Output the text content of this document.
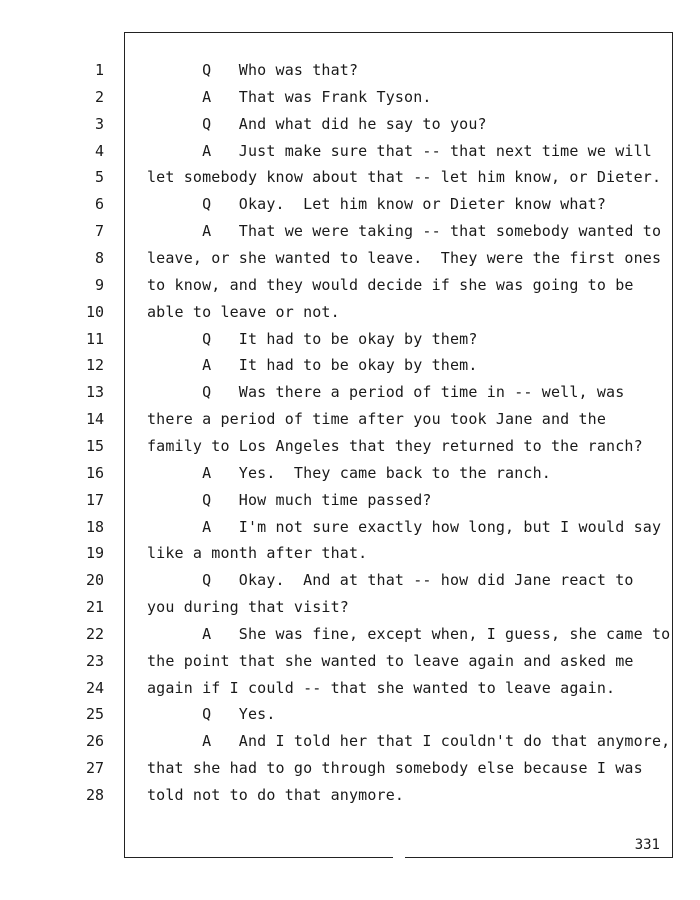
1	Q   Who was that?
2	A   That was Frank Tyson.
3	Q   And what did he say to you?
4	A   Just make sure that -- that next time we will
5	let somebody know about that -- let him know, or Dieter.
6	Q   Okay.  Let him know or Dieter know what?
7	A   That we were taking -- that somebody wanted to
8	leave, or she wanted to leave.  They were the first ones
9	to know, and they would decide if she was going to be
10	able to leave or not.
11	Q   It had to be okay by them?
12	A   It had to be okay by them.
13	Q   Was there a period of time in -- well, was
14	there a period of time after you took Jane and the
15	family to Los Angeles that they returned to the ranch?
16	A   Yes.  They came back to the ranch.
17	Q   How much time passed?
18	A   I'm not sure exactly how long, but I would say
19	like a month after that.
20	Q   Okay.  And at that -- how did Jane react to
21	you during that visit?
22	A   She was fine, except when, I guess, she came to
23	the point that she wanted to leave again and asked me
24	again if I could -- that she wanted to leave again.
25	Q   Yes.
26	A   And I told her that I couldn't do that anymore,
27	that she had to go through somebody else because I was
28	told not to do that anymore.
331
